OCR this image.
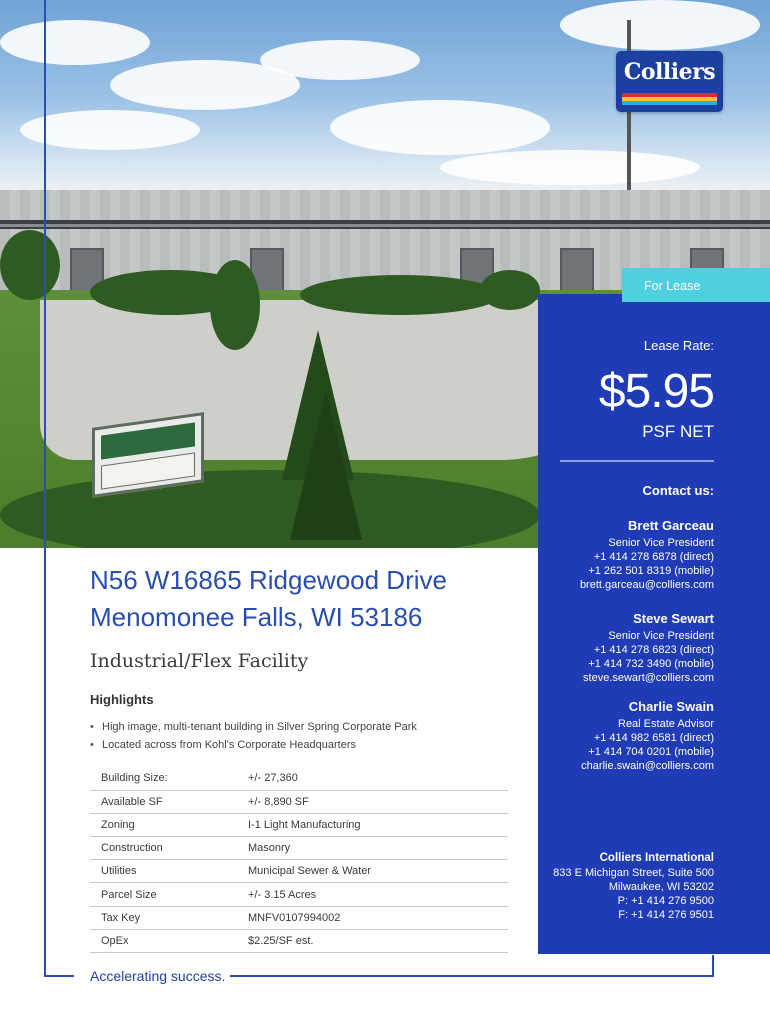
Colliers
Lease Rate:
$5.95
PSF NET
Contact us:
Brett Garceau
Senior Vice President
+1 414 278 6878 (direct)
+1 262 501 8319 (mobile)
brett.garceau@colliers.com
Steve Sewart
Senior Vice President
+1 414 278 6823 (direct)
+1 414 732 3490 (mobile)
steve.sewart@colliers.com
Charlie Swain
Real Estate Advisor
+1 414 982 6581 (direct)
+1 414 704 0201 (mobile)
charlie.swain@colliers.com
Colliers International
833 E Michigan Street, Suite 500
Milwaukee, WI 53202
P: +1 414 276 9500
F: +1 414 276 9501
For Lease
N56 W16865 Ridgewood Drive
Menomonee Falls, WI 53186
Industrial/Flex Facility
Highlights
• High image, multi-tenant building in Silver Spring Corporate Park
• Located across from Kohl's Corporate Headquarters
Building Size:	+/- 27,360
Available SF	+/- 8,890 SF
Zoning	I-1 Light Manufacturing
Construction	Masonry
Utilities	Municipal Sewer & Water
Parcel Size	+/- 3.15 Acres
Tax Key	MNFV0107994002
OpEx	$2.25/SF est.
Accelerating success.
